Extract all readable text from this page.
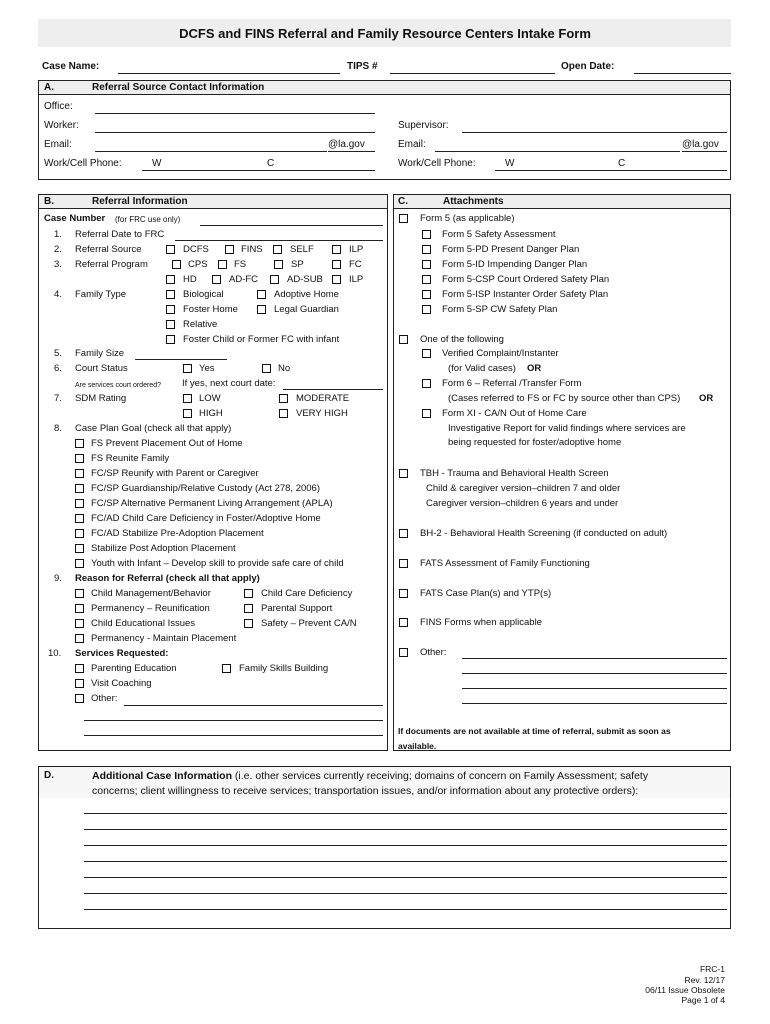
DCFS and FINS Referral and Family Resource Centers Intake Form
Case Name:	TIPS #	Open Date:
A.	Referral Source Contact Information
Office:
Worker:
Email:	@la.gov
Work/Cell Phone:	W	C
Supervisor:
Email:	@la.gov
Work/Cell Phone:	W	C
B.	Referral Information
Case Number (for FRC use only)
1. Referral Date to FRC
2. Referral Source	DCFS	FINS	SELF	ILP
3. Referral Program	CPS	FS	SP	FC
HD	AD-FC	AD-SUB	ILP
4. Family Type	Biological	Adoptive Home
Foster Home	Legal Guardian
Relative
Foster Child or Former FC with infant
5. Family Size
6. Court Status	Yes	No
Are services court ordered? If yes, next court date:
7. SDM Rating	LOW	MODERATE
HIGH	VERY HIGH
8. Case Plan Goal (check all that apply)
FS Prevent Placement Out of Home
FS Reunite Family
FC/SP Reunify with Parent or Caregiver
FC/SP Guardianship/Relative Custody (Act 278, 2006)
FC/SP Alternative Permanent Living Arrangement (APLA)
FC/AD Child Care Deficiency in Foster/Adoptive Home
FC/AD Stabilize Pre-Adoption Placement
Stabilize Post Adoption Placement
Youth with Infant – Develop skill to provide safe care of child
9. Reason for Referral (check all that apply)
Child Management/Behavior	Child Care Deficiency
Permanency – Reunification	Parental Support
Child Educational Issues	Safety – Prevent CA/N
Permanency - Maintain Placement
10. Services Requested:
Parenting Education	Family Skills Building
Visit Coaching
Other:
C.	Attachments
Form 5 (as applicable)
Form 5 Safety Assessment
Form 5-PD Present Danger Plan
Form 5-ID Impending Danger Plan
Form 5-CSP Court Ordered Safety Plan
Form 5-ISP Instanter Order Safety Plan
Form 5-SP CW Safety Plan
One of the following
Verified Complaint/Instanter
(for Valid cases) OR
Form 6 – Referral /Transfer Form
(Cases referred to FS or FC by source other than CPS) OR
Form XI - CA/N Out of Home Care
Investigative Report for valid findings where services are
being requested for foster/adoptive home
TBH - Trauma and Behavioral Health Screen
Child & caregiver version–children 7 and older
Caregiver version–children 6 years and under
BH-2 - Behavioral Health Screening (if conducted on adult)
FATS Assessment of Family Functioning
FATS Case Plan(s) and YTP(s)
FINS Forms when applicable
Other:
If documents are not available at time of referral, submit as soon as
available.
D.	Additional Case Information (i.e. other services currently receiving; domains of concern on Family Assessment; safety
concerns; client willingness to receive services; transportation issues, and/or information about any protective orders):
FRC-1
Rev. 12/17
06/11 Issue Obsolete
Page 1 of 4
